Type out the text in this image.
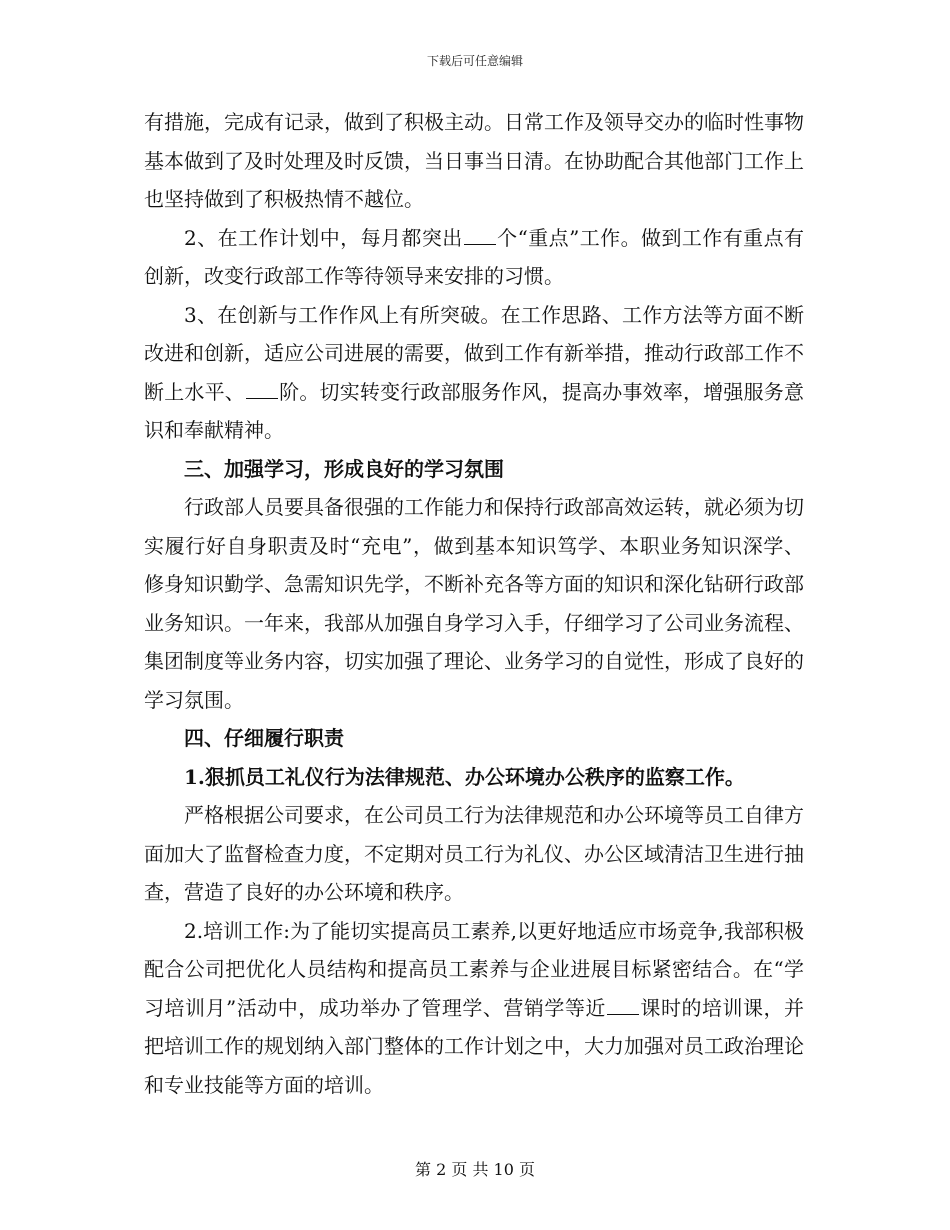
下载后可任意编辑

有措施，完成有记录，做到了积极主动。日常工作及领导交办的临时性事物基本做到了及时处理及时反馈，当日事当日清。在协助配合其他部门工作上也坚持做到了积极热情不越位。

2、在工作计划中，每月都突出 个“重点”工作。做到工作有重点有创新，改变行政部工作等待领导来安排的习惯。

3、在创新与工作作风上有所突破。在工作思路、工作方法等方面不断改进和创新，适应公司进展的需要，做到工作有新举措，推动行政部工作不断上水平、 阶。切实转变行政部服务作风，提高办事效率，增强服务意识和奉献精神。

三、加强学习，形成良好的学习氛围

行政部人员要具备很强的工作能力和保持行政部高效运转，就必须为切实履行好自身职责及时“充电”，做到基本知识笃学、本职业务知识深学、修身知识勤学、急需知识先学，不断补充各等方面的知识和深化钻研行政部业务知识。一年来，我部从加强自身学习入手，仔细学习了公司业务流程、集团制度等业务内容，切实加强了理论、业务学习的自觉性，形成了良好的学习氛围。

四、仔细履行职责

1.狠抓员工礼仪行为法律规范、办公环境办公秩序的监察工作。

严格根据公司要求，在公司员工行为法律规范和办公环境等员工自律方面加大了监督检查力度，不定期对员工行为礼仪、办公区域清洁卫生进行抽查，营造了良好的办公环境和秩序。

2.培训工作:为了能切实提高员工素养,以更好地适应市场竞争,我部积极配合公司把优化人员结构和提高员工素养与企业进展目标紧密结合。在“学习培训月”活动中，成功举办了管理学、营销学等近 课时的培训课，并把培训工作的规划纳入部门整体的工作计划之中，大力加强对员工政治理论和专业技能等方面的培训。

第 2 页 共 10 页
